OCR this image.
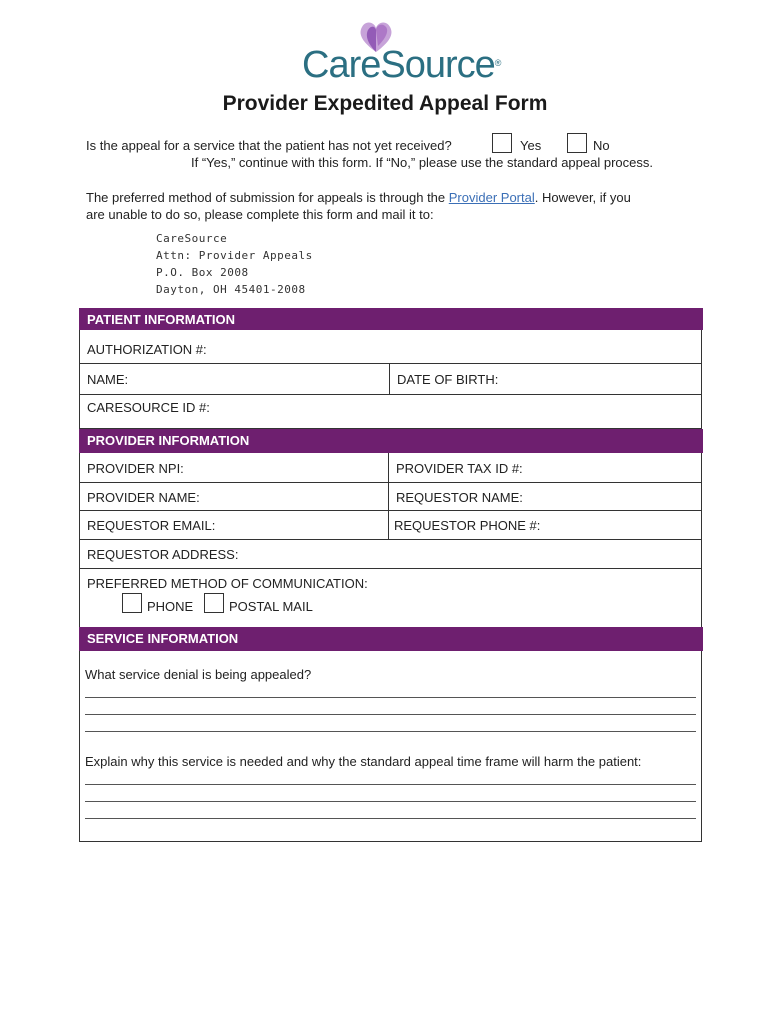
CareSource®
Provider Expedited Appeal Form
Is the appeal for a service that the patient has not yet received?	Yes	No
If “Yes,” continue with this form. If “No,” please use the standard appeal process.
The preferred method of submission for appeals is through the Provider Portal. However, if you
are unable to do so, please complete this form and mail it to:
CareSource
Attn: Provider Appeals
P.O. Box 2008
Dayton, OH 45401-2008
PATIENT INFORMATION
AUTHORIZATION #:
NAME:	DATE OF BIRTH:
CARESOURCE ID #:
PROVIDER INFORMATION
PROVIDER NPI:	PROVIDER TAX ID #:
PROVIDER NAME:	REQUESTOR NAME:
REQUESTOR EMAIL:	REQUESTOR PHONE #:
REQUESTOR ADDRESS:
PREFERRED METHOD OF COMMUNICATION:
PHONE	POSTAL MAIL
SERVICE INFORMATION
What service denial is being appealed?
Explain why this service is needed and why the standard appeal time frame will harm the patient:
